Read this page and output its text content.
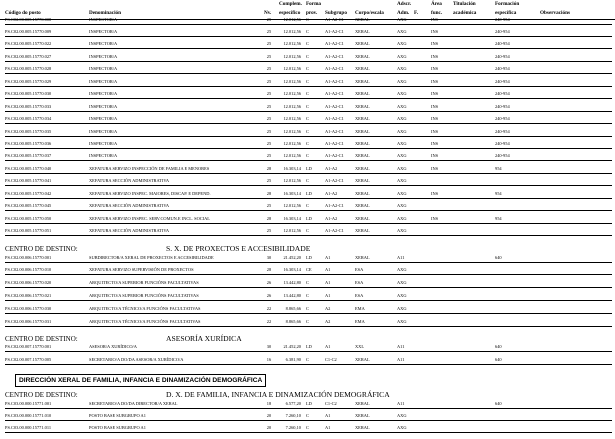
Código do posto	Denominación	Nv.
Complem.
específico
Forma
prov. Subgrupo Corpo/escala
Adscr.
Adm. F.
Área
func.
Titulación
académica
Formación
específica	Observacións
PS.C02.00.005.15770.008	INSPECTOR/A	25	12.012,56 C	A1-A2-C1	XERAL	AXG	INS	240-954
PS.C02.00.005.15770.009	INSPECTOR/A	25	12.012,56 C	A1-A2-C1	XERAL	AXG	INS	240-954
PS.C02.00.005.15770.022	INSPECTOR/A	25	12.012,56 C	A1-A2-C1	XERAL	AXG	INS	240-954
PS.C02.00.005.15770.027	INSPECTOR/A	25	12.012,56 C	A1-A2-C1	XERAL	AXG	INS	240-954
PS.C02.00.005.15770.028	INSPECTOR/A	25	12.012,56 C	A1-A2-C1	XERAL	AXG	INS	240-954
PS.C02.00.005.15770.029	INSPECTOR/A	25	12.012,56 C	A1-A2-C1	XERAL	AXG	INS	240-954
PS.C02.00.005.15770.030	INSPECTOR/A	25	12.012,56 C	A1-A2-C1	XERAL	AXG	INS	240-954
PS.C02.00.005.15770.033	INSPECTOR/A	25	12.012,56 C	A1-A2-C1	XERAL	AXG	INS	240-954
PS.C02.00.005.15770.034	INSPECTOR/A	25	12.012,56 C	A1-A2-C1	XERAL	AXG	INS	240-954
PS.C02.00.005.15770.035	INSPECTOR/A	25	12.012,56 C	A1-A2-C1	XERAL	AXG	INS	240-954
PS.C02.00.005.15770.036	INSPECTOR/A	25	12.012,56 C	A1-A2-C1	XERAL	AXG	INS	240-954
PS.C02.00.005.15770.037	INSPECTOR/A	25	12.012,56 C	A1-A2-C1	XERAL	AXG	INS	240-954
PS.C02.00.005.15770.040	XEFATURA SERVIZO INSPECCIÓN DE FAMILIA E MENORES	28	16.303,14 LD	A1-A2	XERAL	AXG	INS	954
PS.C02.00.005.15770.041	XEFATURA SECCIÓN ADMINISTRATIVA	25	12.012,56 C	A1-A2-C1	XERAL	AXG
PS.C02.00.005.15770.042	XEFATURA SERVIZO INSPEC. MAIORES, DISCAP. E DEPEND.	28	16.303,14 LD	A1-A2	XERAL	AXG	INS	954
PS.C02.00.005.15770.045	XEFATURA SECCIÓN ADMINISTRATIVA	25	12.012,56 C	A1-A2-C1	XERAL	AXG
PS.C02.00.005.15770.050	XEFATURA SERVIZO INSPEC. SERV.COMUN.E INCL. SOCIAL	28	16.303,14 LD	A1-A2	XERAL	AXG	INS	954
PS.C02.00.005.15770.051	XEFATURA SECCIÓN ADMINISTRATIVA	25	12.012,56 C	A1-A2-C1	XERAL	AXG

CENTRO DE DESTINO:

	S. X. DE PROXECTOS E ACCESIBILIDADE

PS.C02.00.006.15770.001	SUBDIRECTOR/A XERAL DE PROXECTOS E ACCESIBILIDADE	30	21.452,20 LD	A1	XERAL	A11	640
PS.C02.00.006.15770.010	XEFATURA SERVIZO SUPERVISIÓN DE PROXECTOS	28	16.303,14 CE	A1	ESA	AXG
PS.C02.00.006.15770.020	ARQUITECTO/A SUPERIOR FUNCIÓNS FACULTATIVAS	26	13.442,80 C	A1	ESA	AXG
PS.C02.00.006.15770.021	ARQUITECTO/A SUPERIOR FUNCIÓNS FACULTATIVAS	26	13.442,80 C	A1	ESA	AXG
PS.C02.00.006.15770.030	ARQUITECTO/A TÉCNICO/A FUNCIÓNS FACULTATIVAS	22	8.865,66 C	A2	EMA	AXG
PS.C02.00.006.15770.031	ARQUITECTO/A TÉCNICO/A FUNCIÓNS FACULTATIVAS	22	8.865,66 C	A2	EMA	AXG

CENTRO DE DESTINO:

	ASESORÍA XURÍDICA

PS.C02.00.007.15770.001	ASESOR/A XURÍDICO/A	30	21.452,20 LD	A1	XXL	A11	640
PS.C02.00.007.15770.005	SECRETARIO/A DO/DA ASESOR/A XURÍDICO/A	16	6.381,90 C	C1-C2	XERAL	A11	640
DIRECCIÓN XERAL DE FAMILIA, INFANCIA E DINAMIZACIÓN DEMOGRÁFICA

CENTRO DE DESTINO:

	D. X. DE FAMILIA, INFANCIA E DINAMIZACIÓN DEMOGRÁFICA

PS.C03.00.000.15771.001	SECRETARIO/A DO/DA DIRECTOR/A XERAL	18	6.577,20 LD	C1-C2	XERAL	A11	640
PS.C03.00.000.15771.010	POSTO BASE SUBGRUPO A1	20	7.260,10 C	A1	XERAL	AXG
PS.C03.00.000.15771.011	POSTO BASE SUBGRUPO A1	20	7.260,10 C	A1	XERAL	AXG
